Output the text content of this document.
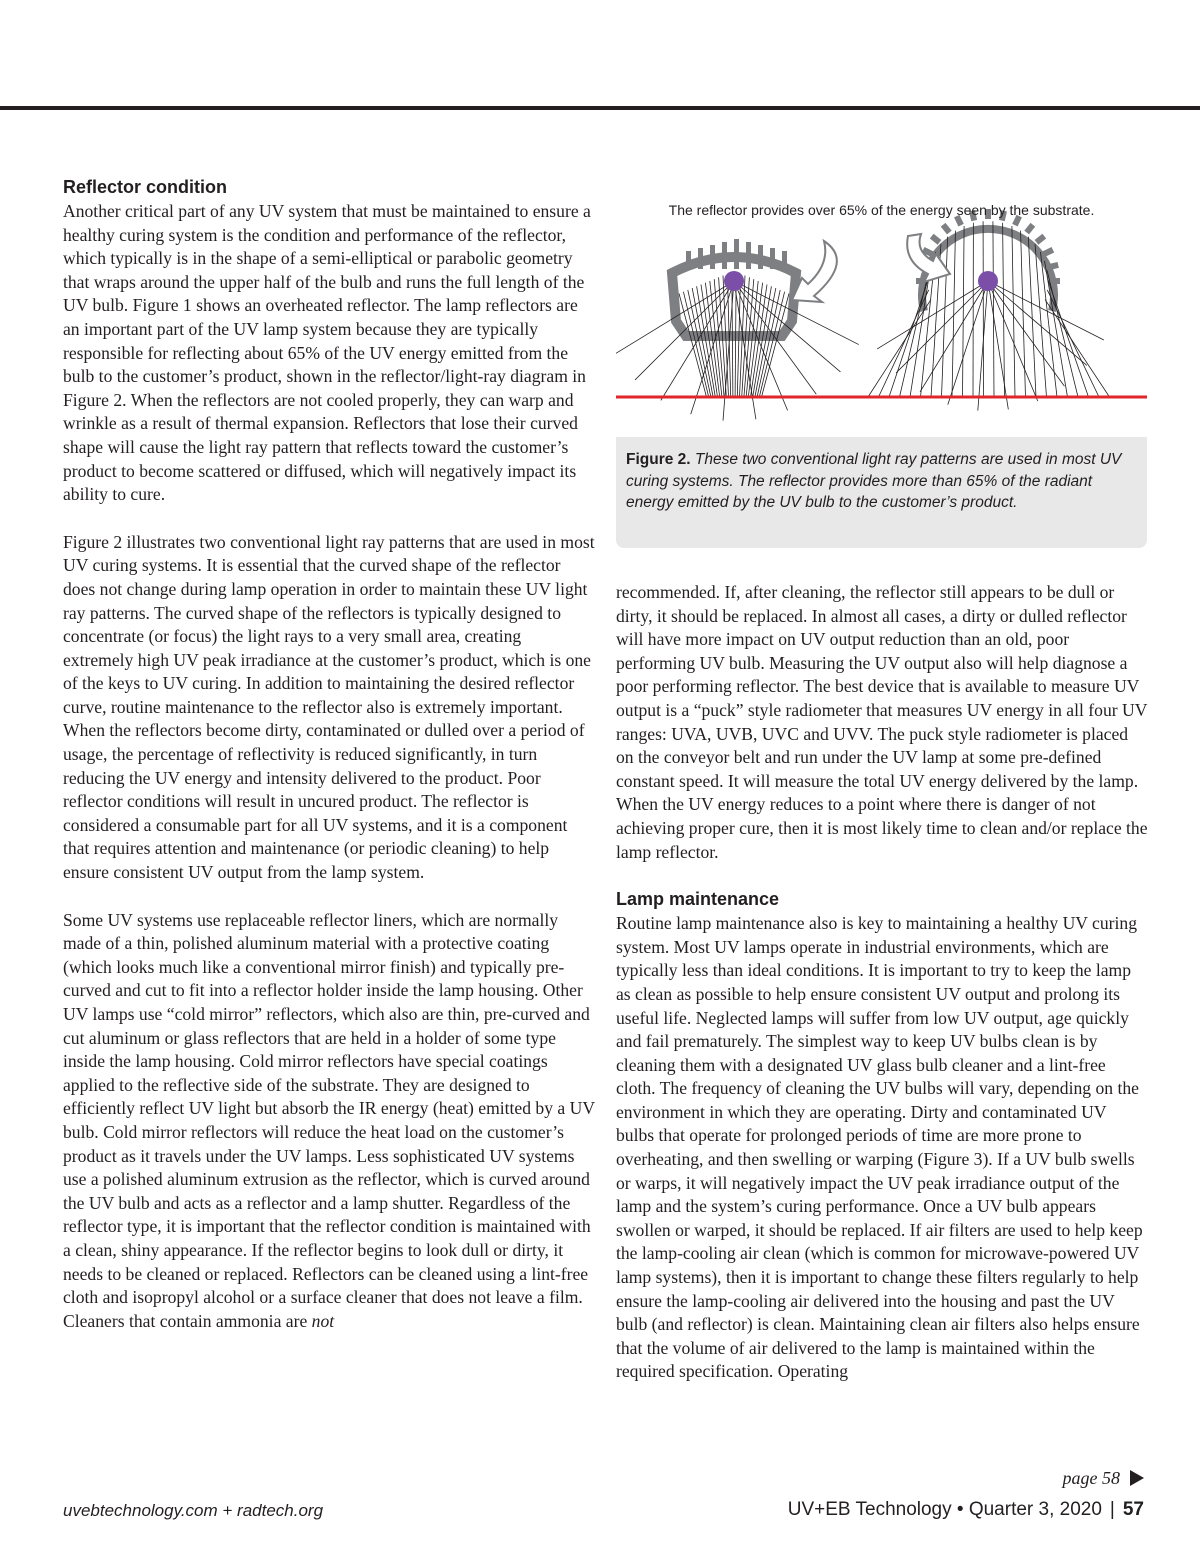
Reflector condition

Another critical part of any UV system that must be maintained to ensure a healthy curing system is the condition and performance of the reflector, which typically is in the shape of a semi-elliptical or parabolic geometry that wraps around the upper half of the bulb and runs the full length of the UV bulb. Figure 1 shows an overheated reflector. The lamp reflectors are an important part of the UV lamp system because they are typically responsible for reflecting about 65% of the UV energy emitted from the bulb to the customer’s product, shown in the reflector/light-ray diagram in Figure 2. When the reflectors are not cooled properly, they can warp and wrinkle as a result of thermal expansion. Reflectors that lose their curved shape will cause the light ray pattern that reflects toward the customer’s product to become scattered or diffused, which will negatively impact its ability to cure.

Figure 2 illustrates two conventional light ray patterns that are used in most UV curing systems. It is essential that the curved shape of the reflector does not change during lamp operation in order to maintain these UV light ray patterns. The curved shape of the reflectors is typically designed to concentrate (or focus) the light rays to a very small area, creating extremely high UV peak irradiance at the customer’s product, which is one of the keys to UV curing. In addition to maintaining the desired reflector curve, routine maintenance to the reflector also is extremely important. When the reflectors become dirty, contaminated or dulled over a period of usage, the percentage of reflectivity is reduced significantly, in turn reducing the UV energy and intensity delivered to the product. Poor reflector conditions will result in uncured product. The reflector is considered a consumable part for all UV systems, and it is a component that requires attention and maintenance (or periodic cleaning) to help ensure consistent UV output from the lamp system.

Some UV systems use replaceable reflector liners, which are normally made of a thin, polished aluminum material with a protective coating (which looks much like a conventional mirror finish) and typically pre-curved and cut to fit into a reflector holder inside the lamp housing. Other UV lamps use “cold mirror” reflectors, which also are thin, pre-curved and cut aluminum or glass reflectors that are held in a holder of some type inside the lamp housing. Cold mirror reflectors have special coatings applied to the reflective side of the substrate. They are designed to efficiently reflect UV light but absorb the IR energy (heat) emitted by a UV bulb. Cold mirror reflectors will reduce the heat load on the customer’s product as it travels under the UV lamps. Less sophisticated UV systems use a polished aluminum extrusion as the reflector, which is curved around the UV bulb and acts as a reflector and a lamp shutter. Regardless of the reflector type, it is important that the reflector condition is maintained with a clean, shiny appearance. If the reflector begins to look dull or dirty, it needs to be cleaned or replaced. Reflectors can be cleaned using a lint-free cloth and isopropyl alcohol or a surface cleaner that does not leave a film. Cleaners that contain ammonia are not

The reflector provides over 65% of the energy seen by the substrate.
Figure 2. These two conventional light ray patterns are used in most UV curing systems. The reflector provides more than 65% of the radiant energy emitted by the UV bulb to the customer’s product.

recommended. If, after cleaning, the reflector still appears to be dull or dirty, it should be replaced. In almost all cases, a dirty or dulled reflector will have more impact on UV output reduction than an old, poor performing UV bulb. Measuring the UV output also will help diagnose a poor performing reflector. The best device that is available to measure UV output is a “puck” style radiometer that measures UV energy in all four UV ranges: UVA, UVB, UVC and UVV. The puck style radiometer is placed on the conveyor belt and run under the UV lamp at some pre-defined constant speed. It will measure the total UV energy delivered by the lamp. When the UV energy reduces to a point where there is danger of not achieving proper cure, then it is most likely time to clean and/or replace the lamp reflector.

Lamp maintenance

Routine lamp maintenance also is key to maintaining a healthy UV curing system. Most UV lamps operate in industrial environments, which are typically less than ideal conditions. It is important to try to keep the lamp as clean as possible to help ensure consistent UV output and prolong its useful life. Neglected lamps will suffer from low UV output, age quickly and fail prematurely. The simplest way to keep UV bulbs clean is by cleaning them with a designated UV glass bulb cleaner and a lint-free cloth. The frequency of cleaning the UV bulbs will vary, depending on the environment in which they are operating. Dirty and contaminated UV bulbs that operate for prolonged periods of time are more prone to overheating, and then swelling or warping (Figure 3). If a UV bulb swells or warps, it will negatively impact the UV peak irradiance output of the lamp and the system’s curing performance. Once a UV bulb appears swollen or warped, it should be replaced. If air filters are used to help keep the lamp-cooling air clean (which is common for microwave-powered UV lamp systems), then it is important to change these filters regularly to help ensure the lamp-cooling air delivered into the housing and past the UV bulb (and reflector) is clean. Maintaining clean air filters also helps ensure that the volume of air delivered to the lamp is maintained within the required specification. Operating

page 58
uvebtechnology.com + radtech.org	UV+EB Technology • Quarter 3, 2020 | 57
